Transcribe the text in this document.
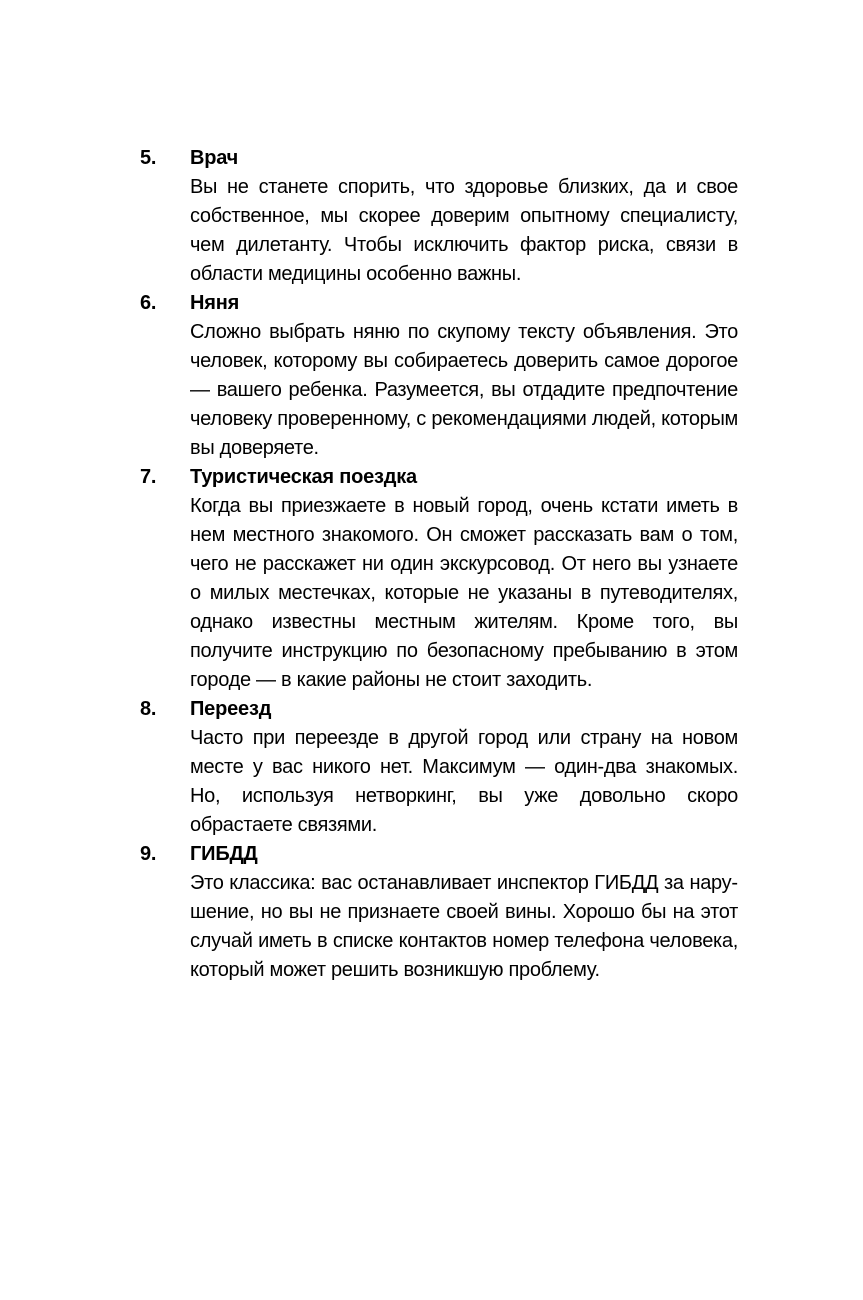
5.	Врач

Вы не станете спорить, что здоровье близких, да и свое собственное, мы скорее доверим опытному специалисту, чем дилетанту. Чтобы исключить фактор риска, связи в области медицины особенно важны.

6.	Няня

Сложно выбрать няню по скупому тексту объявления. Это человек, которому вы собираетесь доверить самое дорогое — вашего ребенка. Разумеется, вы отдадите предпочтение человеку проверенному, с рекомендациями людей, которым вы доверяете.

7.	Туристическая поездка

Когда вы приезжаете в новый город, очень кстати иметь в нем местного знакомого. Он сможет рассказать вам о том, чего не расскажет ни один экскурсовод. От него вы узнаете о милых местечках, которые не указаны в путеводителях, однако известны местным жителям. Кроме того, вы получите инструкцию по безопасному пребыванию в этом городе — в какие районы не стоит заходить.

8.	Переезд

Часто при переезде в другой город или страну на новом месте у вас никого нет. Максимум — один-два знакомых. Но, используя нетворкинг, вы уже довольно скоро обрастаете связями.

9.	ГИБДД

Это классика: вас останавливает инспектор ГИБДД за нарушение, но вы не признаете своей вины. Хорошо бы на этот случай иметь в списке контактов номер телефона человека, который может решить возникшую проблему.
